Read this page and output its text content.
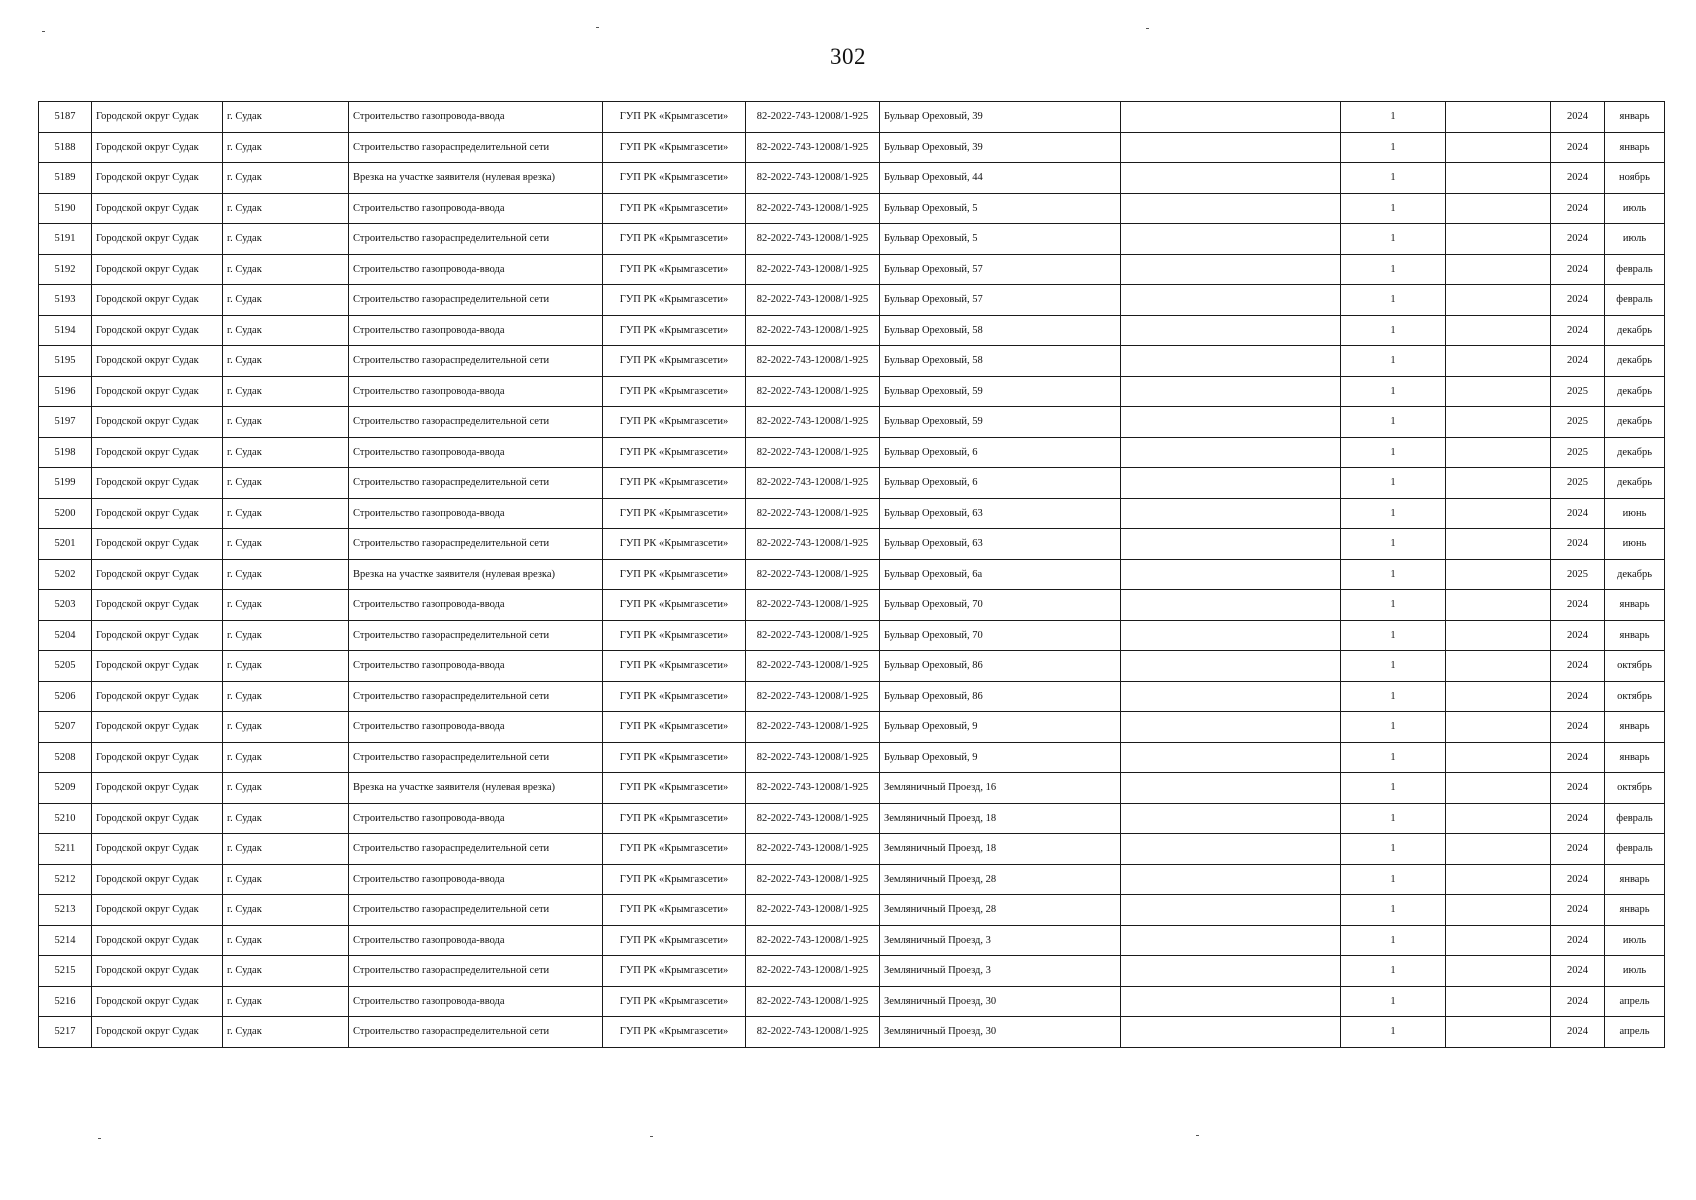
302
5187	Городской округ Судак	г. Судак	Строительство газопровода-ввода	ГУП РК «Крымгазсети»	82-2022-743-12008/1-925	Бульвар Ореховый, 39		1		2024	январь
5188	Городской округ Судак	г. Судак	Строительство газораспределительной сети	ГУП РК «Крымгазсети»	82-2022-743-12008/1-925	Бульвар Ореховый, 39		1		2024	январь
5189	Городской округ Судак	г. Судак	Врезка на участке заявителя (нулевая врезка)	ГУП РК «Крымгазсети»	82-2022-743-12008/1-925	Бульвар Ореховый, 44		1		2024	ноябрь
5190	Городской округ Судак	г. Судак	Строительство газопровода-ввода	ГУП РК «Крымгазсети»	82-2022-743-12008/1-925	Бульвар Ореховый, 5		1		2024	июль
5191	Городской округ Судак	г. Судак	Строительство газораспределительной сети	ГУП РК «Крымгазсети»	82-2022-743-12008/1-925	Бульвар Ореховый, 5		1		2024	июль
5192	Городской округ Судак	г. Судак	Строительство газопровода-ввода	ГУП РК «Крымгазсети»	82-2022-743-12008/1-925	Бульвар Ореховый, 57		1		2024	февраль
5193	Городской округ Судак	г. Судак	Строительство газораспределительной сети	ГУП РК «Крымгазсети»	82-2022-743-12008/1-925	Бульвар Ореховый, 57		1		2024	февраль
5194	Городской округ Судак	г. Судак	Строительство газопровода-ввода	ГУП РК «Крымгазсети»	82-2022-743-12008/1-925	Бульвар Ореховый, 58		1		2024	декабрь
5195	Городской округ Судак	г. Судак	Строительство газораспределительной сети	ГУП РК «Крымгазсети»	82-2022-743-12008/1-925	Бульвар Ореховый, 58		1		2024	декабрь
5196	Городской округ Судак	г. Судак	Строительство газопровода-ввода	ГУП РК «Крымгазсети»	82-2022-743-12008/1-925	Бульвар Ореховый, 59		1		2025	декабрь
5197	Городской округ Судак	г. Судак	Строительство газораспределительной сети	ГУП РК «Крымгазсети»	82-2022-743-12008/1-925	Бульвар Ореховый, 59		1		2025	декабрь
5198	Городской округ Судак	г. Судак	Строительство газопровода-ввода	ГУП РК «Крымгазсети»	82-2022-743-12008/1-925	Бульвар Ореховый, 6		1		2025	декабрь
5199	Городской округ Судак	г. Судак	Строительство газораспределительной сети	ГУП РК «Крымгазсети»	82-2022-743-12008/1-925	Бульвар Ореховый, 6		1		2025	декабрь
5200	Городской округ Судак	г. Судак	Строительство газопровода-ввода	ГУП РК «Крымгазсети»	82-2022-743-12008/1-925	Бульвар Ореховый, 63		1		2024	июнь
5201	Городской округ Судак	г. Судак	Строительство газораспределительной сети	ГУП РК «Крымгазсети»	82-2022-743-12008/1-925	Бульвар Ореховый, 63		1		2024	июнь
5202	Городской округ Судак	г. Судак	Врезка на участке заявителя (нулевая врезка)	ГУП РК «Крымгазсети»	82-2022-743-12008/1-925	Бульвар Ореховый, 6а		1		2025	декабрь
5203	Городской округ Судак	г. Судак	Строительство газопровода-ввода	ГУП РК «Крымгазсети»	82-2022-743-12008/1-925	Бульвар Ореховый, 70		1		2024	январь
5204	Городской округ Судак	г. Судак	Строительство газораспределительной сети	ГУП РК «Крымгазсети»	82-2022-743-12008/1-925	Бульвар Ореховый, 70		1		2024	январь
5205	Городской округ Судак	г. Судак	Строительство газопровода-ввода	ГУП РК «Крымгазсети»	82-2022-743-12008/1-925	Бульвар Ореховый, 86		1		2024	октябрь
5206	Городской округ Судак	г. Судак	Строительство газораспределительной сети	ГУП РК «Крымгазсети»	82-2022-743-12008/1-925	Бульвар Ореховый, 86		1		2024	октябрь
5207	Городской округ Судак	г. Судак	Строительство газопровода-ввода	ГУП РК «Крымгазсети»	82-2022-743-12008/1-925	Бульвар Ореховый, 9		1		2024	январь
5208	Городской округ Судак	г. Судак	Строительство газораспределительной сети	ГУП РК «Крымгазсети»	82-2022-743-12008/1-925	Бульвар Ореховый, 9		1		2024	январь
5209	Городской округ Судак	г. Судак	Врезка на участке заявителя (нулевая врезка)	ГУП РК «Крымгазсети»	82-2022-743-12008/1-925	Земляничный Проезд, 16		1		2024	октябрь
5210	Городской округ Судак	г. Судак	Строительство газопровода-ввода	ГУП РК «Крымгазсети»	82-2022-743-12008/1-925	Земляничный Проезд, 18		1		2024	февраль
5211	Городской округ Судак	г. Судак	Строительство газораспределительной сети	ГУП РК «Крымгазсети»	82-2022-743-12008/1-925	Земляничный Проезд, 18		1		2024	февраль
5212	Городской округ Судак	г. Судак	Строительство газопровода-ввода	ГУП РК «Крымгазсети»	82-2022-743-12008/1-925	Земляничный Проезд, 28		1		2024	январь
5213	Городской округ Судак	г. Судак	Строительство газораспределительной сети	ГУП РК «Крымгазсети»	82-2022-743-12008/1-925	Земляничный Проезд, 28		1		2024	январь
5214	Городской округ Судак	г. Судак	Строительство газопровода-ввода	ГУП РК «Крымгазсети»	82-2022-743-12008/1-925	Земляничный Проезд, 3		1		2024	июль
5215	Городской округ Судак	г. Судак	Строительство газораспределительной сети	ГУП РК «Крымгазсети»	82-2022-743-12008/1-925	Земляничный Проезд, 3		1		2024	июль
5216	Городской округ Судак	г. Судак	Строительство газопровода-ввода	ГУП РК «Крымгазсети»	82-2022-743-12008/1-925	Земляничный Проезд, 30		1		2024	апрель
5217	Городской округ Судак	г. Судак	Строительство газораспределительной сети	ГУП РК «Крымгазсети»	82-2022-743-12008/1-925	Земляничный Проезд, 30		1		2024	апрель
